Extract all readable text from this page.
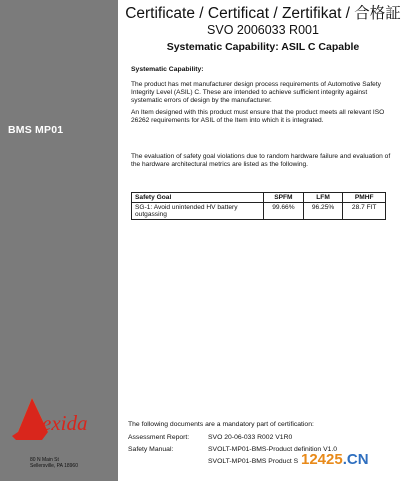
BMS MP01
exida
80 N Main St
Sellersville, PA 18960
Certificate / Certificat / Zertifikat / 合格証
SVO 2006033 R001
Systematic Capability: ASIL C Capable
Systematic Capability:
The product has met manufacturer design process requirements of Automotive Safety Integrity Level (ASIL) C. These are intended to achieve sufficient integrity against systematic errors of design by the manufacturer.
An Item designed with this product must ensure that the product meets all relevant ISO 26262 requirements for ASIL of the Item into which it is integrated.
The evaluation of safety goal violations due to random hardware failure and evaluation of the hardware architectural metrics are listed as the following.
Safety Goal	SPFM	LFM	PMHF
SG-1: Avoid unintended HV battery outgassing	99.66%	96.25%	28.7 FIT
The following documents are a mandatory part of certification:
Assessment Report:	SVO 20-06-033 R002 V1R0
Safety Manual:	SVOLT-MP01-BMS-Product definition V1.0
SVOLT-MP01-BMS Product S 12425.CN
